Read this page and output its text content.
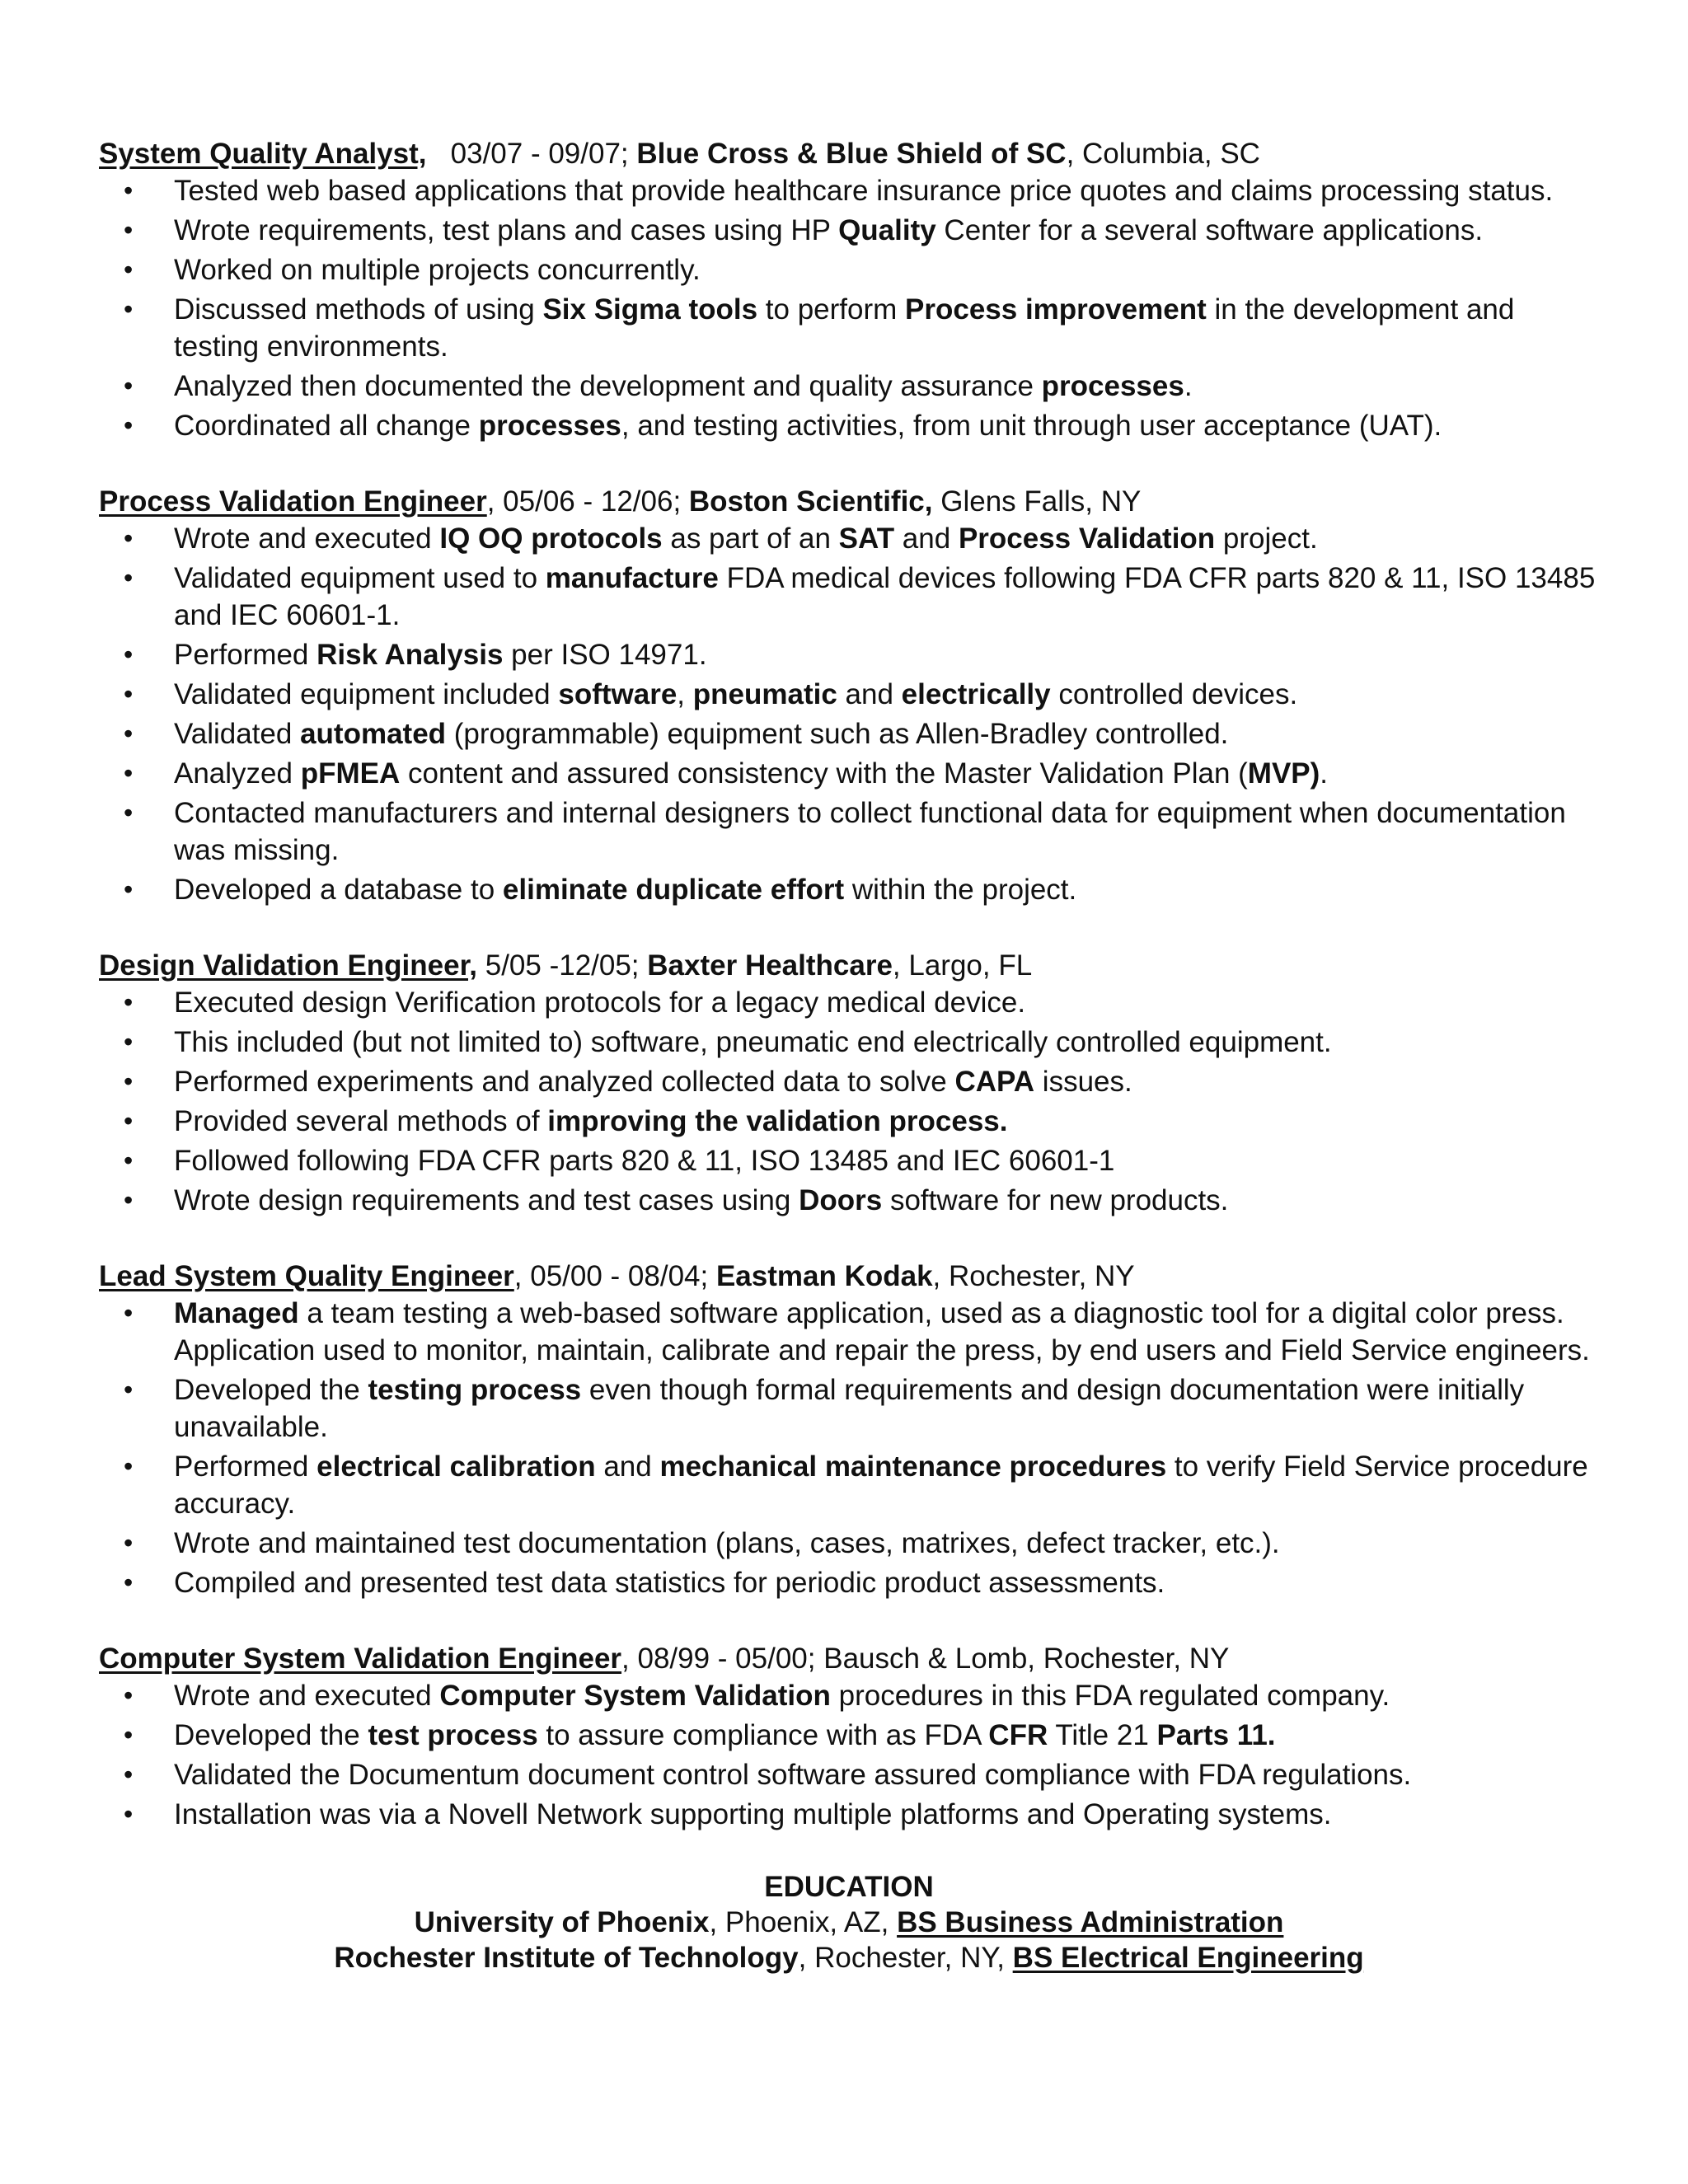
System Quality Analyst,   03/07 - 09/07; Blue Cross & Blue Shield of SC, Columbia, SC
• Tested web based applications that provide healthcare insurance price quotes and claims processing status.
• Wrote requirements, test plans and cases using HP Quality Center for a several software applications.
• Worked on multiple projects concurrently.
• Discussed methods of using Six Sigma tools to perform Process improvement in the development and testing environments.
• Analyzed then documented the development and quality assurance processes.
• Coordinated all change processes, and testing activities, from unit through user acceptance (UAT).
Process Validation Engineer, 05/06 - 12/06; Boston Scientific, Glens Falls, NY
• Wrote and executed IQ OQ protocols as part of an SAT and Process Validation project.
• Validated equipment used to manufacture FDA medical devices following FDA CFR parts 820 & 11, ISO 13485 and IEC 60601-1.
• Performed Risk Analysis per ISO 14971.
• Validated equipment included software, pneumatic and electrically controlled devices.
• Validated automated (programmable) equipment such as Allen-Bradley controlled.
• Analyzed pFMEA content and assured consistency with the Master Validation Plan (MVP).
• Contacted manufacturers and internal designers to collect functional data for equipment when documentation was missing.
• Developed a database to eliminate duplicate effort within the project.
Design Validation Engineer, 5/05 -12/05; Baxter Healthcare, Largo, FL
• Executed design Verification protocols for a legacy medical device.
• This included (but not limited to) software, pneumatic end electrically controlled equipment.
• Performed experiments and analyzed collected data to solve CAPA issues.
• Provided several methods of improving the validation process.
• Followed following FDA CFR parts 820 & 11, ISO 13485 and IEC 60601-1
• Wrote design requirements and test cases using Doors software for new products.
Lead System Quality Engineer, 05/00 - 08/04; Eastman Kodak, Rochester, NY
• Managed a team testing a web-based software application, used as a diagnostic tool for a digital color press. Application used to monitor, maintain, calibrate and repair the press, by end users and Field Service engineers.
• Developed the testing process even though formal requirements and design documentation were initially unavailable.
• Performed electrical calibration and mechanical maintenance procedures to verify Field Service procedure accuracy.
• Wrote and maintained test documentation (plans, cases, matrixes, defect tracker, etc.).
• Compiled and presented test data statistics for periodic product assessments.
Computer System Validation Engineer, 08/99 - 05/00; Bausch & Lomb, Rochester, NY
• Wrote and executed Computer System Validation procedures in this FDA regulated company.
• Developed the test process to assure compliance with as FDA CFR Title 21 Parts 11.
• Validated the Documentum document control software assured compliance with FDA regulations.
• Installation was via a Novell Network supporting multiple platforms and Operating systems.
EDUCATION
University of Phoenix, Phoenix, AZ, BS Business Administration
Rochester Institute of Technology, Rochester, NY, BS Electrical Engineering
